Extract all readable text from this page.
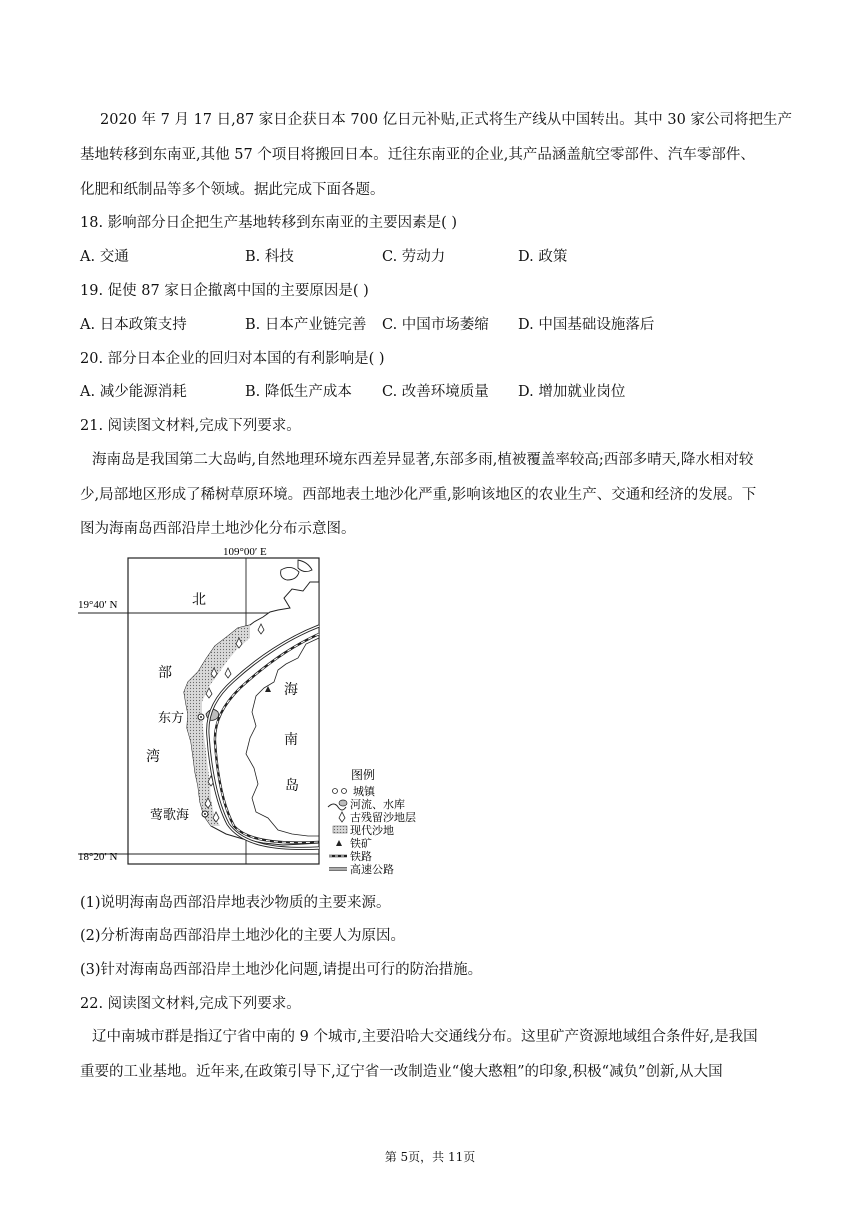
2020 年 7 月 17 日,87 家日企获日本 700 亿日元补贴,正式将生产线从中国转出。其中 30 家公司将把生产
基地转移到东南亚,其他 57 个项目将搬回日本。迁往东南亚的企业,其产品涵盖航空零部件、汽车零部件、
化肥和纸制品等多个领域。据此完成下面各题。
18. 影响部分日企把生产基地转移到东南亚的主要因素是( )
A. 交通	B. 科技	C. 劳动力	D. 政策
19. 促使 87 家日企撤离中国的主要原因是( )
A. 日本政策支持	B. 日本产业链完善 C. 中国市场萎缩 D. 中国基础设施落后
20. 部分日本企业的回归对本国的有利影响是( )
A. 减少能源消耗	B. 降低生产成本 C. 改善环境质量 D. 增加就业岗位
21. 阅读图文材料,完成下列要求。
海南岛是我国第二大岛屿,自然地理环境东西差异显著,东部多雨,植被覆盖率较高;西部多晴天,降水相对较
少,局部地区形成了稀树草原环境。西部地表土地沙化严重,影响该地区的农业生产、交通和经济的发展。下
图为海南岛西部沿岸土地沙化分布示意图。
109°00′ E
19°40′ N
18°20′ N
北
部
湾
海
南
岛
东方
莺歌海
图例
城镇
河流、水库
古残留沙地层
现代沙地
铁矿
铁路
高速公路
(1)说明海南岛西部沿岸地表沙物质的主要来源。
(2)分析海南岛西部沿岸土地沙化的主要人为原因。
(3)针对海南岛西部沿岸土地沙化问题,请提出可行的防治措施。
22. 阅读图文材料,完成下列要求。
辽中南城市群是指辽宁省中南的 9 个城市,主要沿哈大交通线分布。这里矿产资源地域组合条件好,是我国
重要的工业基地。近年来,在政策引导下,辽宁省一改制造业“傻大憨粗”的印象,积极“减负”创新,从大国
第 5页，共 11页
